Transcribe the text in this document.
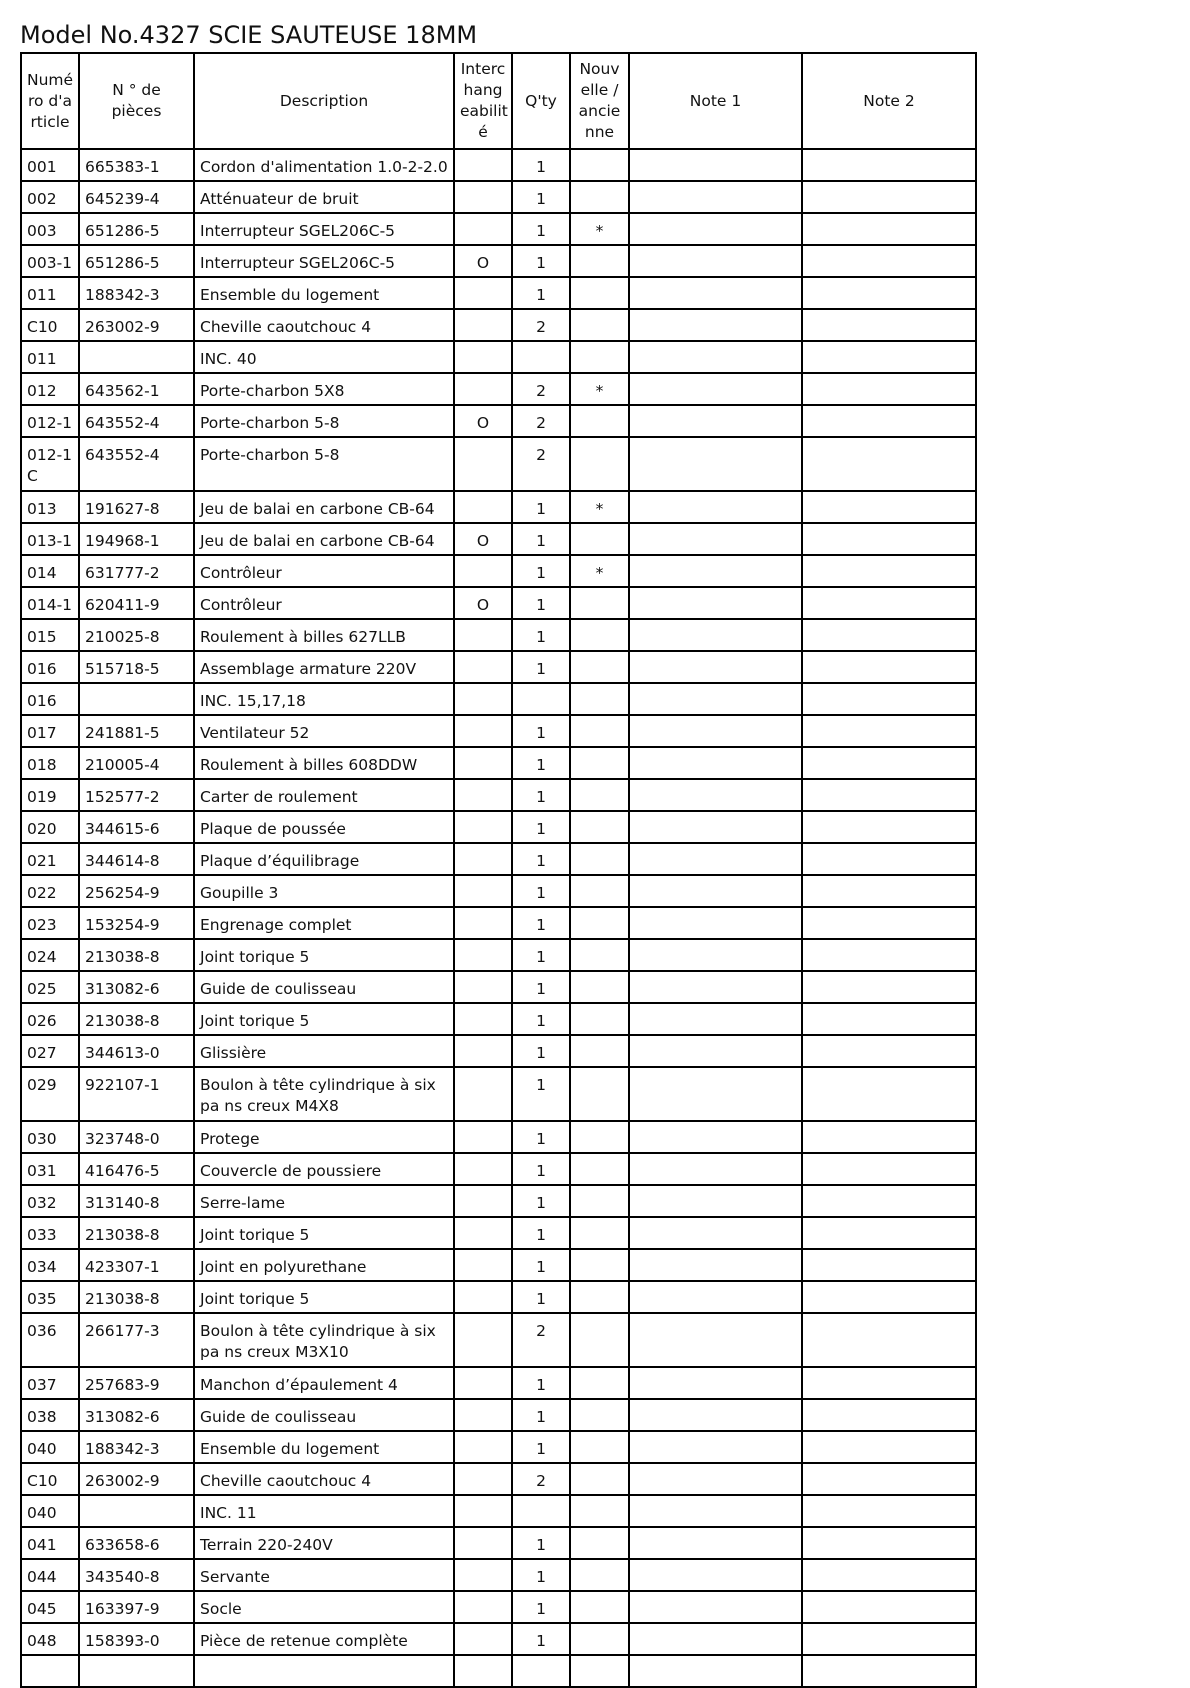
Model No.4327 SCIE SAUTEUSE 18MM
Numé ro d'a rticle	N ° de pièces	Description	Interc hang eabilit é	Q'ty	Nouv elle / ancie nne	Note 1	Note 2
001	665383-1	Cordon d'alimentation 1.0-2-2.0		1			
002	645239-4	Atténuateur de bruit		1			
003	651286-5	Interrupteur SGEL206C-5		1	*		
003-1	651286-5	Interrupteur SGEL206C-5	O	1			
011	188342-3	Ensemble du logement		1			
C10	263002-9	Cheville caoutchouc 4		2			
011		INC. 40					
012	643562-1	Porte-charbon 5X8		2	*		
012-1	643552-4	Porte-charbon 5-8	O	2			
012-1 C	643552-4	Porte-charbon 5-8		2			
013	191627-8	Jeu de balai en carbone CB-64		1	*		
013-1	194968-1	Jeu de balai en carbone CB-64	O	1			
014	631777-2	Contrôleur		1	*		
014-1	620411-9	Contrôleur	O	1			
015	210025-8	Roulement à billes 627LLB		1			
016	515718-5	Assemblage armature 220V		1			
016		INC. 15,17,18					
017	241881-5	Ventilateur 52		1			
018	210005-4	Roulement à billes 608DDW		1			
019	152577-2	Carter de roulement		1			
020	344615-6	Plaque de poussée		1			
021	344614-8	Plaque d’équilibrage		1			
022	256254-9	Goupille 3		1			
023	153254-9	Engrenage complet		1			
024	213038-8	Joint torique 5		1			
025	313082-6	Guide de coulisseau		1			
026	213038-8	Joint torique 5		1			
027	344613-0	Glissière		1			
029	922107-1	Boulon à tête cylindrique à six pa ns creux M4X8		1			
030	323748-0	Protege		1			
031	416476-5	Couvercle de poussiere		1			
032	313140-8	Serre-lame		1			
033	213038-8	Joint torique 5		1			
034	423307-1	Joint en polyurethane		1			
035	213038-8	Joint torique 5		1			
036	266177-3	Boulon à tête cylindrique à six pa ns creux M3X10		2			
037	257683-9	Manchon d’épaulement 4		1			
038	313082-6	Guide de coulisseau		1			
040	188342-3	Ensemble du logement		1			
C10	263002-9	Cheville caoutchouc 4		2			
040		INC. 11					
041	633658-6	Terrain 220-240V		1			
044	343540-8	Servante		1			
045	163397-9	Socle		1			
048	158393-0	Pièce de retenue complète		1			
